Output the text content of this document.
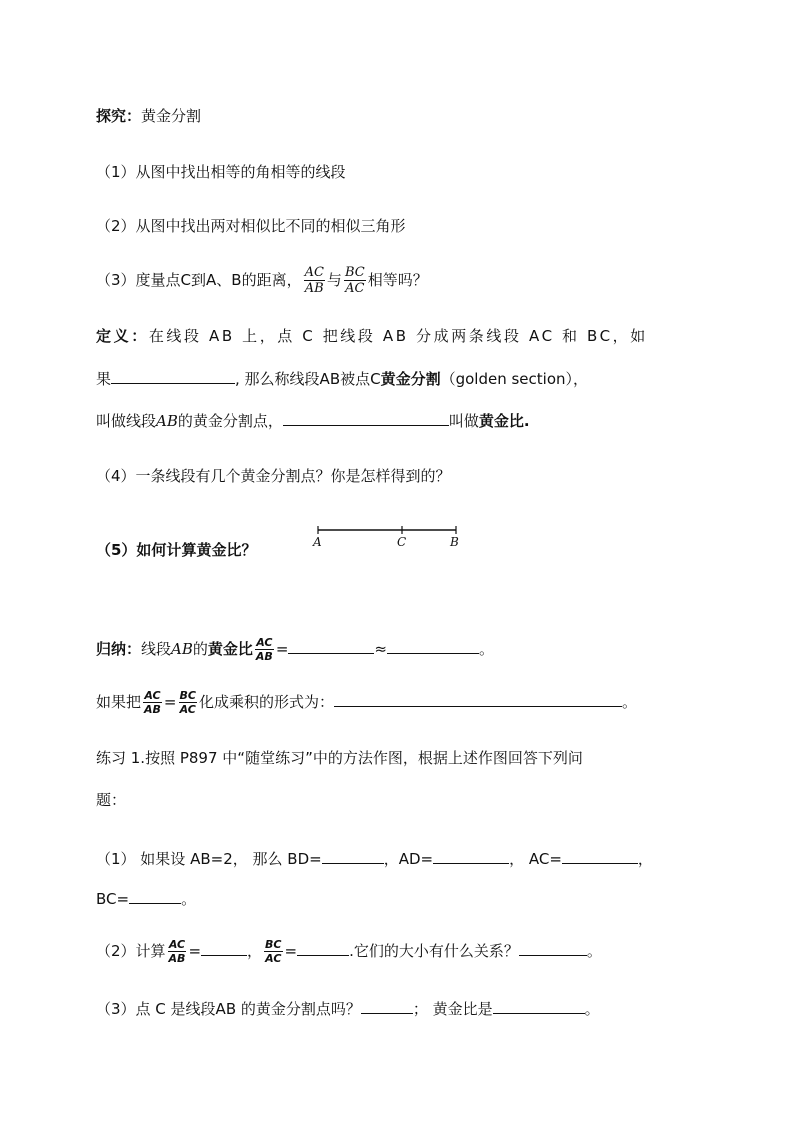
探究：黄金分割
（1）从图中找出相等的角相等的线段
（2）从图中找出两对相似比不同的相似三角形
（3）度量点C到A、B的距离， $\frac{AC}{AB}$ 与 $\frac{BC}{AC}$ 相等吗？
定义：在线段 AB 上，点 C 把线段 AB 分成两条线段 AC 和 BC，如
果	, 那么称线段AB被点C黄金分割（golden section），
叫做线段AB的黄金分割点，	叫做黄金比.
（4）一条线段有几个黄金分割点？你是怎样得到的？
（5）如何计算黄金比？	A	C	B
归纳：线段AB的黄金比 $\frac{AC}{AB}$ =	≈	。
如果把 $\frac{AC}{AB} = \frac{BC}{AC}$ 化成乘积的形式为：	。
练习 1.按照 P897 中“随堂练习”中的方法作图，根据上述作图回答下列问
题：
（1） 如果设 AB=2， 那么 BD=	，AD=	， AC=	，
BC=	。
（2）计算 $\frac{AC}{AB}$ =	， $\frac{BC}{AC}$ =	.它们的大小有什么关系？	。
（3）点 C 是线段AB 的黄金分割点吗？	； 黄金比是	。
